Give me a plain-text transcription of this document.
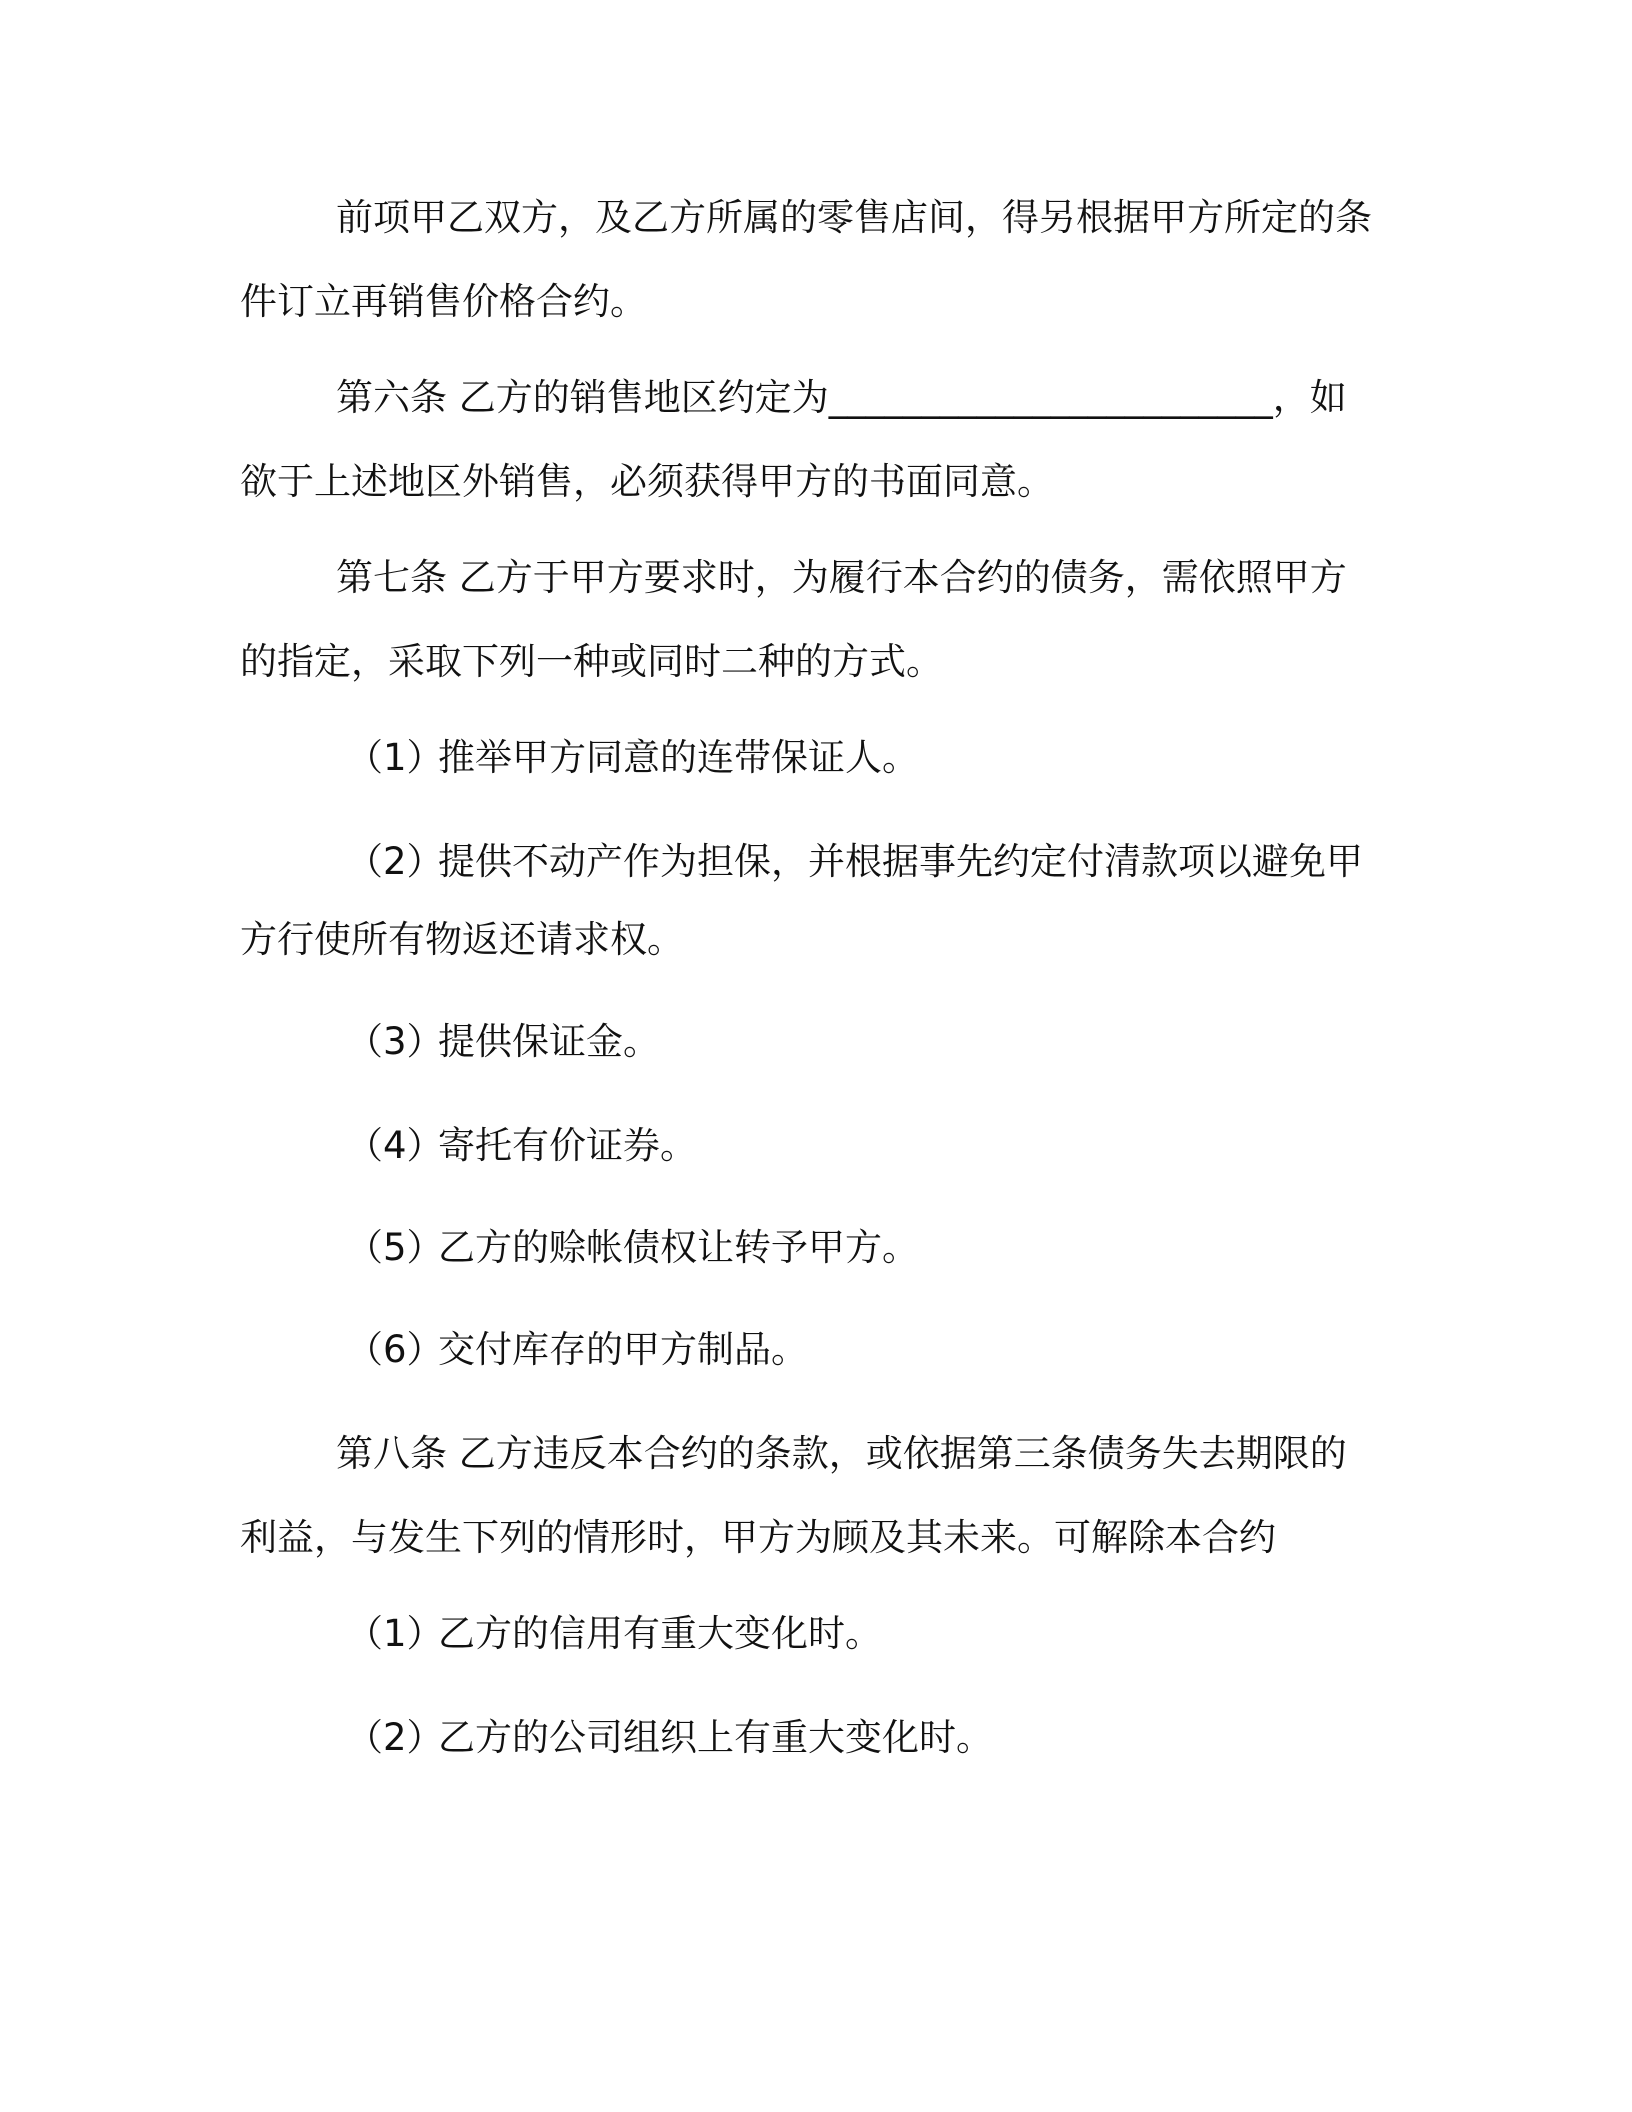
前项甲乙双方，及乙方所属的零售店间，得另根据甲方所定的条
件订立再销售价格合约。
第六条 乙方的销售地区约定为________________________，如
欲于上述地区外销售，必须获得甲方的书面同意。
第七条 乙方于甲方要求时，为履行本合约的债务，需依照甲方
的指定，采取下列一种或同时二种的方式。
（1）推举甲方同意的连带保证人。
（2）提供不动产作为担保，并根据事先约定付清款项以避免甲
方行使所有物返还请求权。
（3）提供保证金。
（4）寄托有价证券。
（5）乙方的赊帐债权让转予甲方。
（6）交付库存的甲方制品。
第八条 乙方违反本合约的条款，或依据第三条债务失去期限的
利益，与发生下列的情形时，甲方为顾及其未来。可解除本合约
（1）乙方的信用有重大变化时。
（2）乙方的公司组织上有重大变化时。
